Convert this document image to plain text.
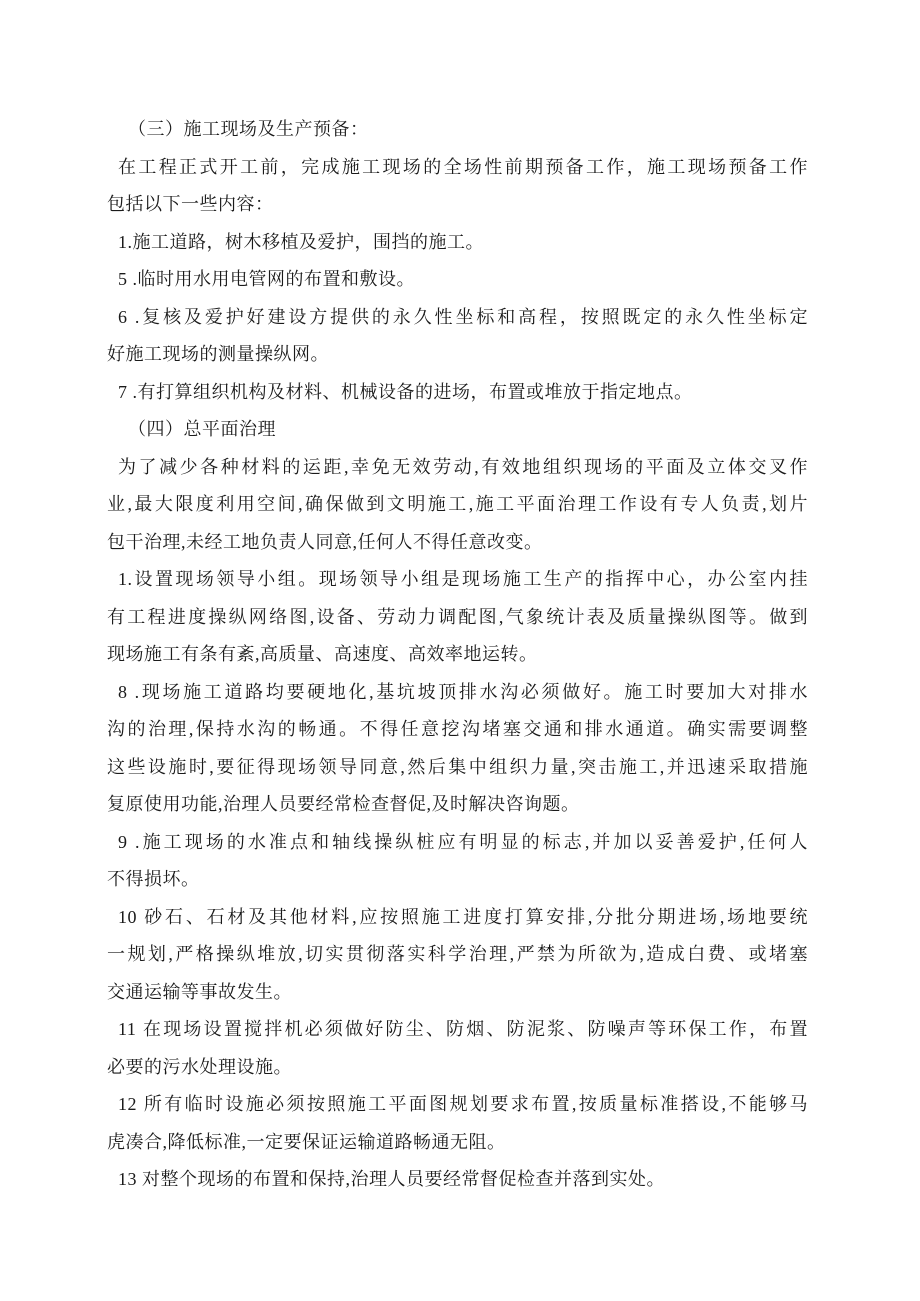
（三）施工现场及生产预备：
在工程正式开工前，完成施工现场的全场性前期预备工作，施工现场预备工作
包括以下一些内容：
1.施工道路，树木移植及爱护，围挡的施工。
5 .临时用水用电管网的布置和敷设。
6 .复核及爱护好建设方提供的永久性坐标和高程，按照既定的永久性坐标定
好施工现场的测量操纵网。
7 .有打算组织机构及材料、机械设备的进场，布置或堆放于指定地点。
（四）总平面治理
为了减少各种材料的运距,幸免无效劳动,有效地组织现场的平面及立体交叉作
业,最大限度利用空间,确保做到文明施工,施工平面治理工作设有专人负责,划片
包干治理,未经工地负责人同意,任何人不得任意改变。
1.设置现场领导小组。现场领导小组是现场施工生产的指挥中心，办公室内挂
有工程进度操纵网络图,设备、劳动力调配图,气象统计表及质量操纵图等。做到
现场施工有条有紊,高质量、高速度、高效率地运转。
8 .现场施工道路均要硬地化,基坑坡顶排水沟必须做好。施工时要加大对排水
沟的治理,保持水沟的畅通。不得任意挖沟堵塞交通和排水通道。确实需要调整
这些设施时,要征得现场领导同意,然后集中组织力量,突击施工,并迅速采取措施
复原使用功能,治理人员要经常检查督促,及时解决咨询题。
9 .施工现场的水准点和轴线操纵桩应有明显的标志,并加以妥善爱护,任何人
不得损坏。
10 砂石、石材及其他材料,应按照施工进度打算安排,分批分期进场,场地要统
一规划,严格操纵堆放,切实贯彻落实科学治理,严禁为所欲为,造成白费、或堵塞
交通运输等事故发生。
11 在现场设置搅拌机必须做好防尘、防烟、防泥浆、防噪声等环保工作，布置
必要的污水处理设施。
12 所有临时设施必须按照施工平面图规划要求布置,按质量标准搭设,不能够马
虎凑合,降低标准,一定要保证运输道路畅通无阻。
13 对整个现场的布置和保持,治理人员要经常督促检查并落到实处。
